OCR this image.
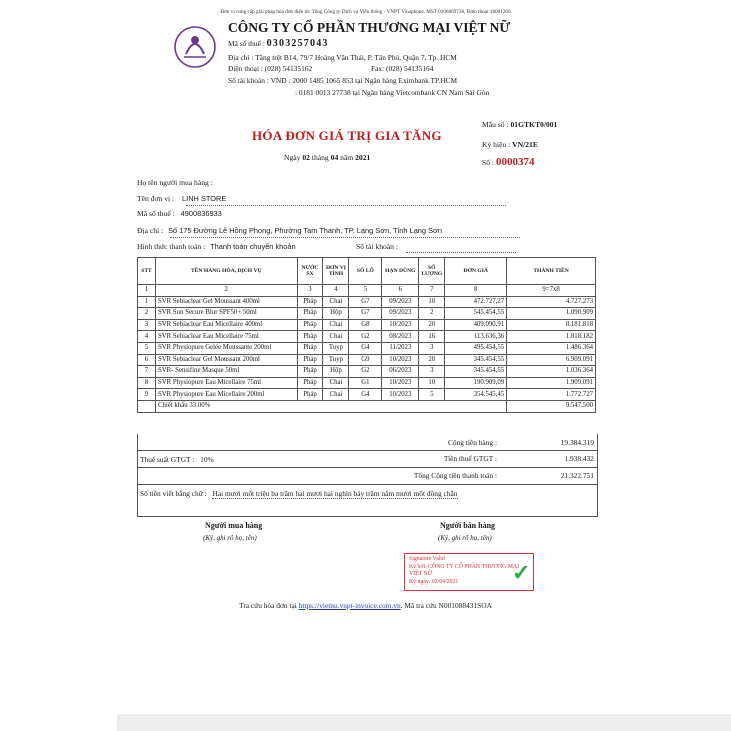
Đơn vị cung cấp giải pháp hóa đơn điện tử: Tổng Công ty Dịch vụ Viễn thông - VNPT Vinaphone, MST:0106869738, Điện thoại:18001260
CÔNG TY CỔ PHẦN THƯƠNG MẠI VIỆT NỮ
Mã số thuế : 0303257043
Địa chỉ : Tầng trệt B14, 79/7 Hoàng Văn Thái, P. Tân Phú, Quận 7, Tp. HCM
Điện thoại : (028) 54135162	Fax: (028) 54135164
Số tài khoản : VNĐ : 2000 1485 1065 853 tại Ngân hàng Eximbank TP.HCM
: 0181 0013 27738 tại Ngân hàng Vietcombank CN Nam Sài Gòn
HÓA ĐƠN GIÁ TRỊ GIA TĂNG
Ngày 02 tháng 04 năm 2021
Mẫu số : 01GTKT0/001
Ký hiệu : VN/21E
Số : 0000374
Họ tên người mua hàng :
Tên đơn vị : LINH STORE
Mã số thuế : 4900836933
Địa chỉ : Số 175 Đường Lê Hồng Phong, Phường Tam Thanh, TP. Lạng Sơn, Tỉnh Lạng Sơn
Hình thức thanh toán : Thanh toán chuyển khoản	Số tài khoản :
STT	TÊN HÀNG HÓA, DỊCH VỤ	NƯỚC SX	ĐƠN VỊ TÍNH	SỐ LÔ	HẠN DÙNG	SỐ LƯỢNG	ĐƠN GIÁ	THÀNH TIỀN
1	2	3	4	5	6	7	8	9=7x8
1	SVR Sebiaclear Gel Moussant 400ml	Pháp	Chai	G7	09/2023	10	472.727,27	4.727.273
2	SVR Sun Secure Blur SPF50+ 50ml	Pháp	Hộp	G7	09/2023	2	545.454,55	1.090.909
3	SVR Sebiaclear Eau Micellaire 400ml	Pháp	Chai	G8	10/2023	20	409.090,91	8.181.818
4	SVR Sebiaclear Eau Micellaire 75ml	Pháp	Chai	G2	08/2023	16	113.636,36	1.818.182
5	SVR Physiopure Gelée Moussante 200ml	Pháp	Tuyp	G4	11/2023	3	495.454,55	1.486.364
6	SVR Sebiaclear Gel Moussant 200ml	Pháp	Tuyp	G9	10/2023	20	345.454,55	6.909.091
7	SVR- Sensifine Masque 50ml	Pháp	Hộp	G2	06/2023	3	345.454,55	1.036.364
8	SVR Physiopure Eau Micellaire 75ml	Pháp	Chai	G1	10/2023	10	190.909,09	1.909.091
9	SVR Physiopure Eau Micellaire 200ml	Pháp	Chai	G4	10/2023	5	354.545,45	1.772.727
	Chiết khấu 33.00%							9.547.500
Cộng tiền hàng :	19.384.319
Thuế suất GTGT : 10%	Tiền thuế GTGT :	1.938.432
Tổng Cộng tiền thanh toán :	21.322.751
Số tiền viết bằng chữ : Hai mươi mốt triệu ba trăm hai mươi hai nghìn bảy trăm năm mươi mốt đồng chẵn
Người mua hàng
(Ký, ghi rõ họ, tên)
Người bán hàng
(Ký, ghi rõ họ, tên)
Signature Valid
Ký bởi: CÔNG TY CỔ PHẦN THƯƠNG MẠI VIỆT NỮ
Ký ngày: 02/04/2021	✓
Tra cứu hóa đơn tại https://vietnu.vnpt-invoice.com.vn. Mã tra cứu N001088431SOA
